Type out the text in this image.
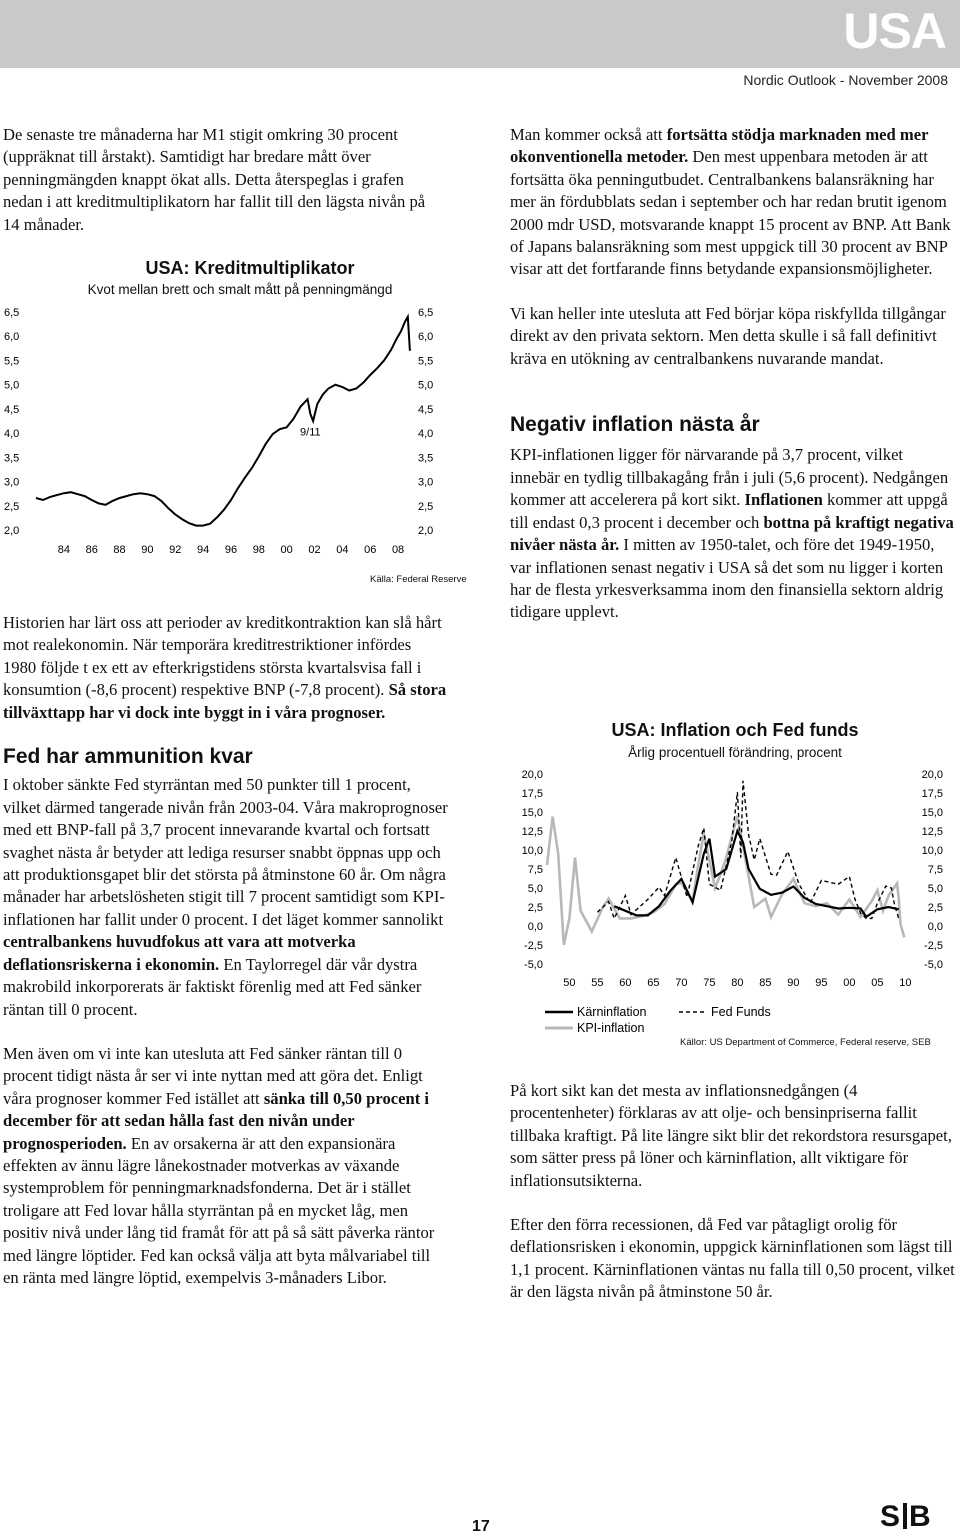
USA
Nordic Outlook - November 2008

De senaste tre månaderna har M1 stigit omkring 30 procent (uppräknat till årstakt). Samtidigt har bredare mått över penningmängden knappt ökat alls. Detta återspeglas i grafen nedan i att kreditmultiplikatorn har fallit till den lägsta nivån på 14 månader.

USA: Kreditmultiplikator
Kvot mellan brett och smalt mått på penningmängd
2,0	2,0
2,5	2,5
3,0	3,0
3,5	3,5
4,0	4,0
4,5	4,5
5,0	5,0
5,5	5,5
6,0	6,0
6,5	6,5
84 86 88 90 92 94 96 98 00 02 04 06 08
9/11
Källa: Federal Reserve

Historien har lärt oss att perioder av kreditkontraktion kan slå hårt mot realekonomin. När temporära kreditrestriktioner infördes 1980 följde t ex ett av efterkrigstidens största kvartalsvisa fall i konsumtion (-8,6 procent) respektive BNP (-7,8 procent). Så stora tillväxttapp har vi dock inte byggt in i våra prognoser.

Fed har ammunition kvar

I oktober sänkte Fed styrräntan med 50 punkter till 1 procent, vilket därmed tangerade nivån från 2003-04. Våra makroprognoser med ett BNP-fall på 3,7 procent innevarande kvartal och fortsatt svaghet nästa år betyder att lediga resurser snabbt öppnas upp och att produktionsgapet blir det största på åtminstone 60 år. Om några månader har arbetslösheten stigit till 7 procent samtidigt som KPI-inflationen har fallit under 0 procent. I det läget kommer sannolikt centralbankens huvudfokus att vara att motverka deflationsriskerna i ekonomin. En Taylorregel där vår dystra makrobild inkorporerats är faktiskt förenlig med att Fed sänker räntan till 0 procent.

Men även om vi inte kan utesluta att Fed sänker räntan till 0 procent tidigt nästa år ser vi inte nyttan med att göra det. Enligt våra prognoser kommer Fed istället att sänka till 0,50 procent i december för att sedan hålla fast den nivån under prognosperioden. En av orsakerna är att den expansionära effekten av ännu lägre lånekostnader motverkas av växande systemproblem för penningmarknadsfonderna. Det är i stället troligare att Fed lovar hålla styrräntan på en mycket låg, men positiv nivå under lång tid framåt för att på så sätt påverka räntor med längre löptider. Fed kan också välja att byta målvariabel till en ränta med längre löptid, exempelvis 3-månaders Libor.

Man kommer också att fortsätta stödja marknaden med mer okonventionella metoder. Den mest uppenbara metoden är att fortsätta öka penningutbudet. Centralbankens balansräkning har mer än fördubblats sedan i september och har redan brutit igenom 2000 mdr USD, motsvarande knappt 15 procent av BNP. Att Bank of Japans balansräkning som mest uppgick till 30 procent av BNP visar att det fortfarande finns betydande expansionsmöjligheter.

Vi kan heller inte utesluta att Fed börjar köpa riskfyllda tillgångar direkt av den privata sektorn. Men detta skulle i så fall definitivt kräva en utökning av centralbankens nuvarande mandat.

Negativ inflation nästa år

KPI-inflationen ligger för närvarande på 3,7 procent, vilket innebär en tydlig tillbakagång från i juli (5,6 procent). Nedgången kommer att accelerera på kort sikt. Inflationen kommer att uppgå till endast 0,3 procent i december och bottna på kraftigt negativa nivåer nästa år. I mitten av 1950-talet, och före det 1949-1950, var inflationen senast negativ i USA så det som nu ligger i korten har de flesta yrkesverksamma inom den finansiella sektorn aldrig tidigare upplevt.

USA: Inflation och Fed funds
Årlig procentuell förändring, procent
-5,0	-5,0
-2,5	-2,5
0,0	0,0
2,5	2,5
5,0	5,0
7,5	7,5
10,0	10,0
12,5	12,5
15,0	15,0
17,5	17,5
20,0	20,0
50 55 60 65 70 75 80 85 90 95 00 05 10
Kärninflation
KPI-inflation
Fed Funds
Källor: US Department of Commerce, Federal reserve, SEB

På kort sikt kan det mesta av inflationsnedgången (4 procentenheter) förklaras av att olje- och bensinpriserna fallit tillbaka kraftigt. På lite längre sikt blir det rekordstora resursgapet, som sätter press på löner och kärninflation, allt viktigare för inflationsutsikterna.

Efter den förra recessionen, då Fed var påtagligt orolig för deflationsrisken i ekonomin, uppgick kärninflationen som lägst till 1,1 procent. Kärninflationen väntas nu falla till 0,50 procent, vilket är den lägsta nivån på åtminstone 50 år.

17	S B
